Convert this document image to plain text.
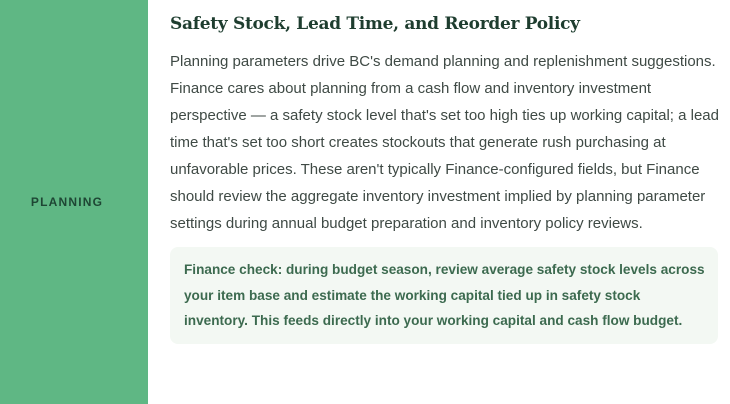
PLANNING
Safety Stock, Lead Time, and Reorder Policy

Planning parameters drive BC's demand planning and replenishment suggestions. Finance cares about planning from a cash flow and inventory investment perspective — a safety stock level that's set too high ties up working capital; a lead time that's set too short creates stockouts that generate rush purchasing at unfavorable prices. These aren't typically Finance-configured fields, but Finance should review the aggregate inventory investment implied by planning parameter settings during annual budget preparation and inventory policy reviews.

Finance check: during budget season, review average safety stock levels across your item base and estimate the working capital tied up in safety stock inventory. This feeds directly into your working capital and cash flow budget.
